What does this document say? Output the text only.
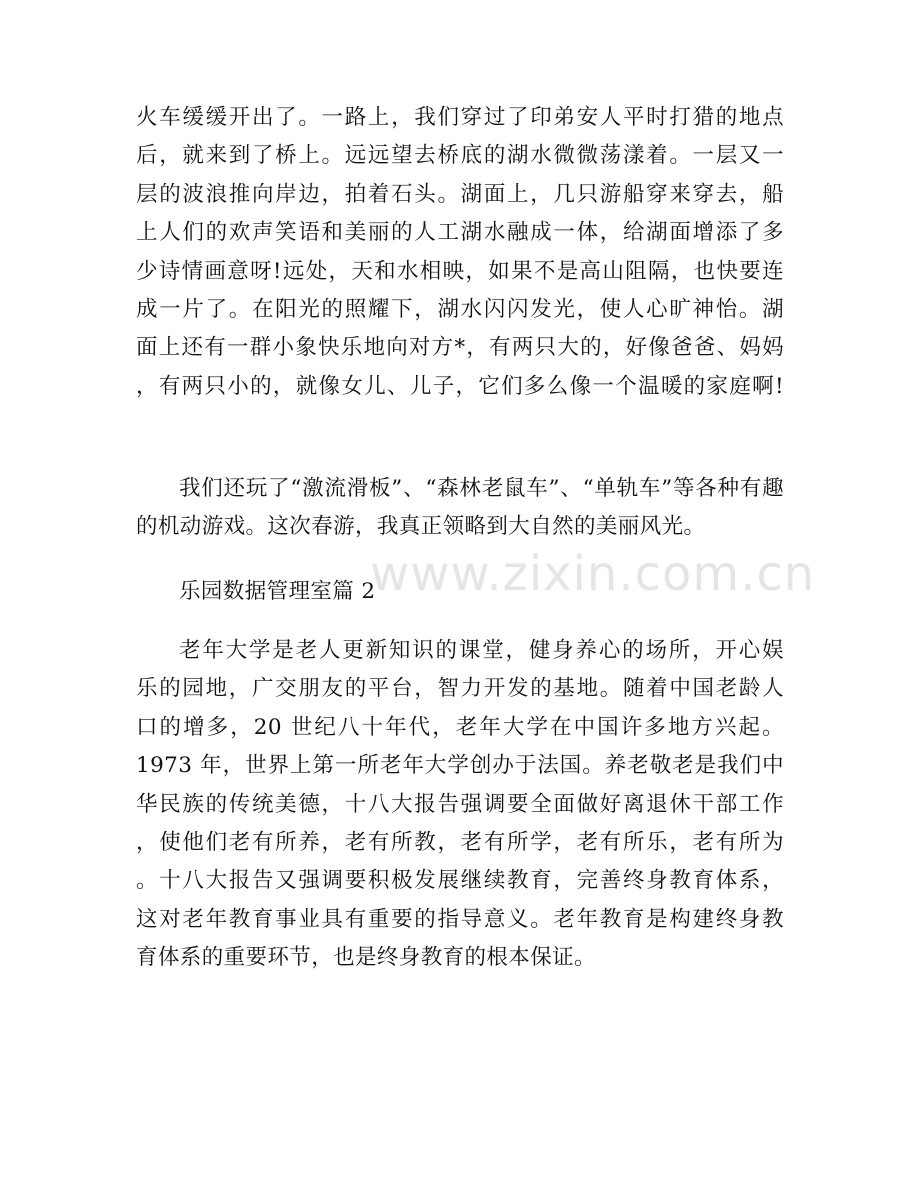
www.zixin.com.cn
火车缓缓开出了。一路上，我们穿过了印弟安人平时打猎的地点
后，就来到了桥上。远远望去桥底的湖水微微荡漾着。一层又一
层的波浪推向岸边，拍着石头。湖面上，几只游船穿来穿去，船
上人们的欢声笑语和美丽的人工湖水融成一体，给湖面增添了多
少诗情画意呀!远处，天和水相映，如果不是高山阻隔，也快要连
成一片了。在阳光的照耀下，湖水闪闪发光，使人心旷神怡。湖
面上还有一群小象快乐地向对方*，有两只大的，好像爸爸、妈妈
，有两只小的，就像女儿、儿子，它们多么像一个温暖的家庭啊!
我们还玩了“激流滑板”、“森林老鼠车”、“单轨车”等各种有趣
的机动游戏。这次春游，我真正领略到大自然的美丽风光。
乐园数据管理室篇 2
老年大学是老人更新知识的课堂，健身养心的场所，开心娱
乐的园地，广交朋友的平台，智力开发的基地。随着中国老龄人
口的增多，20 世纪八十年代，老年大学在中国许多地方兴起。
1973 年，世界上第一所老年大学创办于法国。养老敬老是我们中
华民族的传统美德，十八大报告强调要全面做好离退休干部工作
，使他们老有所养，老有所教，老有所学，老有所乐，老有所为
。十八大报告又强调要积极发展继续教育，完善终身教育体系，
这对老年教育事业具有重要的指导意义。老年教育是构建终身教
育体系的重要环节，也是终身教育的根本保证。
